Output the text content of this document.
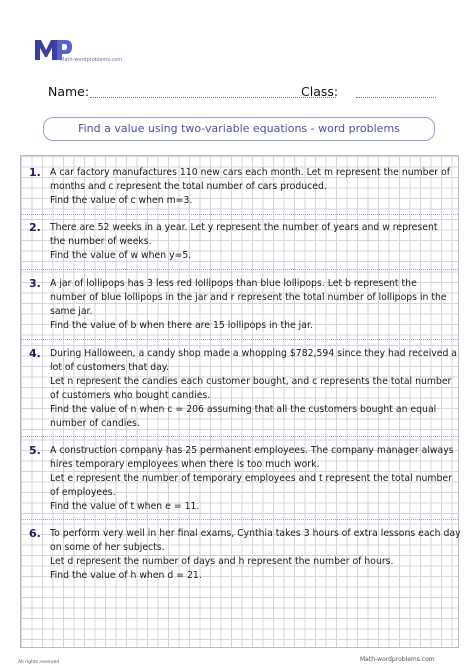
Math-wordproblems.com
Name:	Class:
Find a value using two-variable equations - word problems
1. A car factory manufactures 110 new cars each month. Let m represent the number of
months and c represent the total number of cars produced.
Find the value of c when m=3.
2. There are 52 weeks in a year. Let y represent the number of years and w represent
the number of weeks.
Find the value of w when y=5.
3. A jar of lollipops has 3 less red lollipops than blue lollipops. Let b represent the
number of blue lollipops in the jar and r represent the total number of lollipops in the
same jar.
Find the value of b when there are 15 lollipops in the jar.
4. During Halloween, a candy shop made a whopping $782,594 since they had received a
lot of customers that day.
Let n represent the candies each customer bought, and c represents the total number
of customers who bought candies.
Find the value of n when c = 206 assuming that all the customers bought an equal
number of candies.
5. A construction company has 25 permanent employees. The company manager always
hires temporary employees when there is too much work.
Let e represent the number of temporary employees and t represent the total number
of employees.
Find the value of t when e = 11.
6. To perform very well in her final exams, Cynthia takes 3 hours of extra lessons each day
on some of her subjects.
Let d represent the number of days and h represent the number of hours.
Find the value of h when d = 21.
All rights reserved	Math-wordproblems.com
